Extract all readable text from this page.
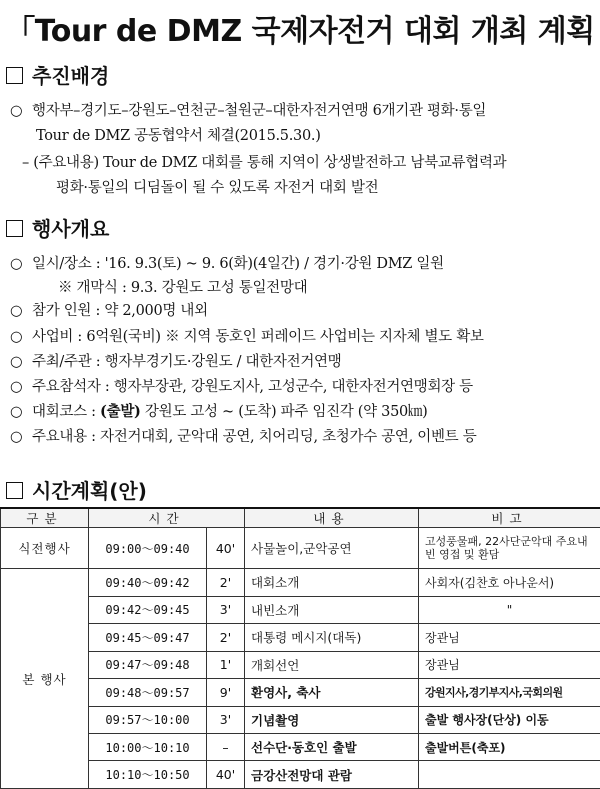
「Tour de DMZ 국제자전거 대회 개최 계획
추진배경
○ 행자부–경기도–강원도–연천군–철원군–대한자전거연맹 6개기관 평화·통일
Tour de DMZ 공동협약서 체결(2015.5.30.)
– (주요내용) Tour de DMZ 대회를 통해 지역이 상생발전하고 남북교류협력과
평화·통일의 디딤돌이 될 수 있도록 자전거 대회 발전
행사개요
○ 일시/장소 : '16. 9.3(토) ~ 9. 6(화)(4일간) / 경기·강원 DMZ 일원
※ 개막식 : 9.3. 강원도 고성 통일전망대
○ 참가 인원 : 약 2,000명 내외
○ 사업비 : 6억원(국비) ※ 지역 동호인 퍼레이드 사업비는 지자체 별도 확보
○ 주최/주관 : 행자부경기도·강원도 / 대한자전거연맹
○ 주요참석자 : 행자부장관, 강원도지사, 고성군수, 대한자전거연맹회장 등
○ 대회코스 : (출발) 강원도 고성 ~ (도착) 파주 임진각 (약 350㎞)
○ 주요내용 : 자전거대회, 군악대 공연, 치어리딩, 초청가수 공연, 이벤트 등
시간계획(안)
구분	시간		내용	비고
식전행사	09:00～09:40	40'	사물놀이,군악공연	고성풍물패, 22사단군악대 주요내빈 영접 및 환담
본 행사	09:40～09:42	2'	대회소개	사회자(김찬호 아나운서)
	09:42～09:45	3'	내빈소개	"
	09:45～09:47	2'	대통령 메시지(대독)	장관님
	09:47～09:48	1'	개회선언	장관님
	09:48～09:57	9'	환영사, 축사	강원지사,경기부지사,국회의원
	09:57～10:00	3'	기념촬영	출발 행사장(단상) 이동
	10:00～10:10	–	선수단·동호인 출발	출발버튼(축포)
	10:10～10:50	40'	금강산전망대 관람	
